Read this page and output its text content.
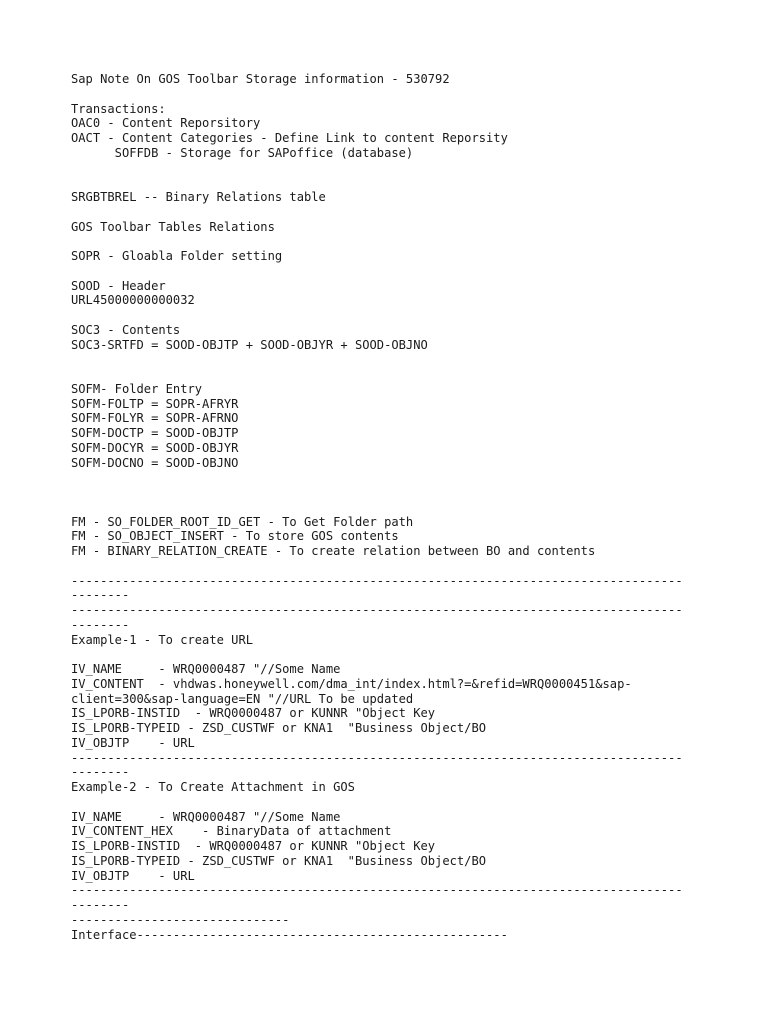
Sap Note On GOS Toolbar Storage information - 530792
Transactions:
OAC0 - Content Reporsitory
OACT - Content Categories - Define Link to content Reporsity
SOFFDB - Storage for SAPoffice (database)
SRGBTBREL -- Binary Relations table
GOS Toolbar Tables Relations
SOPR - Gloabla Folder setting
SOOD - Header
URL45000000000032
SOC3 - Contents
SOC3-SRTFD = SOOD-OBJTP + SOOD-OBJYR + SOOD-OBJNO
SOFM- Folder Entry
SOFM-FOLTP = SOPR-AFRYR
SOFM-FOLYR = SOPR-AFRNO
SOFM-DOCTP = SOOD-OBJTP
SOFM-DOCYR = SOOD-OBJYR
SOFM-DOCNO = SOOD-OBJNO
FM - SO_FOLDER_ROOT_ID_GET - To Get Folder path
FM - SO_OBJECT_INSERT - To store GOS contents
FM - BINARY_RELATION_CREATE - To create relation between BO and contents
------------------------------------------------------------------------------------
--------
------------------------------------------------------------------------------------
--------
Example-1 - To create URL
IV_NAME     - WRQ0000487 "//Some Name
IV_CONTENT  - vhdwas.honeywell.com/dma_int/index.html?=&refid=WRQ0000451&sap-
client=300&sap-language=EN "//URL To be updated
IS_LPORB-INSTID  - WRQ0000487 or KUNNR "Object Key
IS_LPORB-TYPEID - ZSD_CUSTWF or KNA1  "Business Object/BO
IV_OBJTP    - URL
------------------------------------------------------------------------------------
--------
Example-2 - To Create Attachment in GOS
IV_NAME     - WRQ0000487 "//Some Name
IV_CONTENT_HEX    - BinaryData of attachment
IS_LPORB-INSTID  - WRQ0000487 or KUNNR "Object Key
IS_LPORB-TYPEID - ZSD_CUSTWF or KNA1  "Business Object/BO
IV_OBJTP    - URL
------------------------------------------------------------------------------------
--------
------------------------------
Interface---------------------------------------------------
